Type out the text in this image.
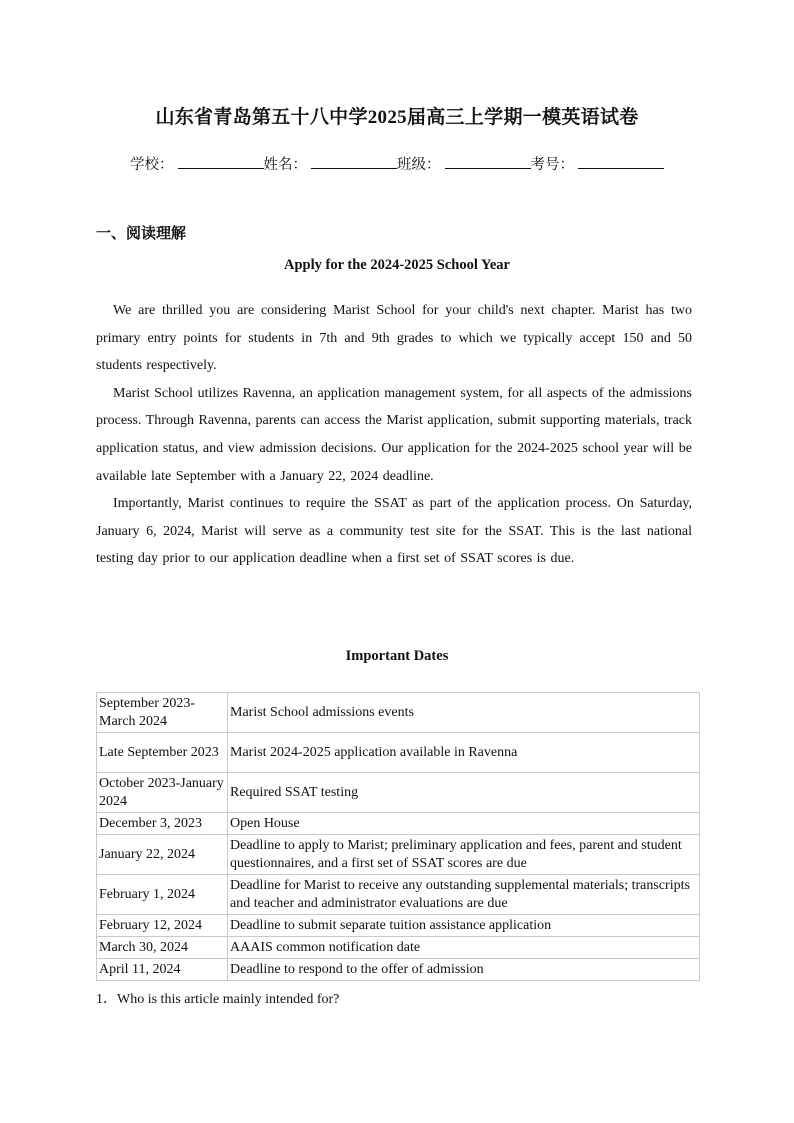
山东省青岛第五十八中学2025届高三上学期一模英语试卷
学校：	姓名：	班级：	考号：
一、阅读理解
Apply for the 2024-2025 School Year

We are thrilled you are considering Marist School for your child's next chapter. Marist has two primary entry points for students in 7th and 9th grades to which we typically accept 150 and 50 students respectively.

Marist School utilizes Ravenna, an application management system, for all aspects of the admissions process. Through Ravenna, parents can access the Marist application, submit supporting materials, track application status, and view admission decisions. Our application for the 2024-2025 school year will be available late September with a January 22, 2024 deadline.

Importantly, Marist continues to require the SSAT as part of the application process. On Saturday, January 6, 2024, Marist will serve as a community test site for the SSAT. This is the last national testing day prior to our application deadline when a first set of SSAT scores is due.

Important Dates
September 2023-March 2024	Marist School admissions events
Late September 2023	Marist 2024-2025 application available in Ravenna
October 2023-January 2024	Required SSAT testing
December 3, 2023	Open House
January 22, 2024	Deadline to apply to Marist; preliminary application and fees, parent and student questionnaires, and a first set of SSAT scores are due
February 1, 2024	Deadline for Marist to receive any outstanding supplemental materials; transcripts and teacher and administrator evaluations are due
February 12, 2024	Deadline to submit separate tuition assistance application
March 30, 2024	AAAIS common notification date
April 11, 2024	Deadline to respond to the offer of admission
1．Who is this article mainly intended for?
